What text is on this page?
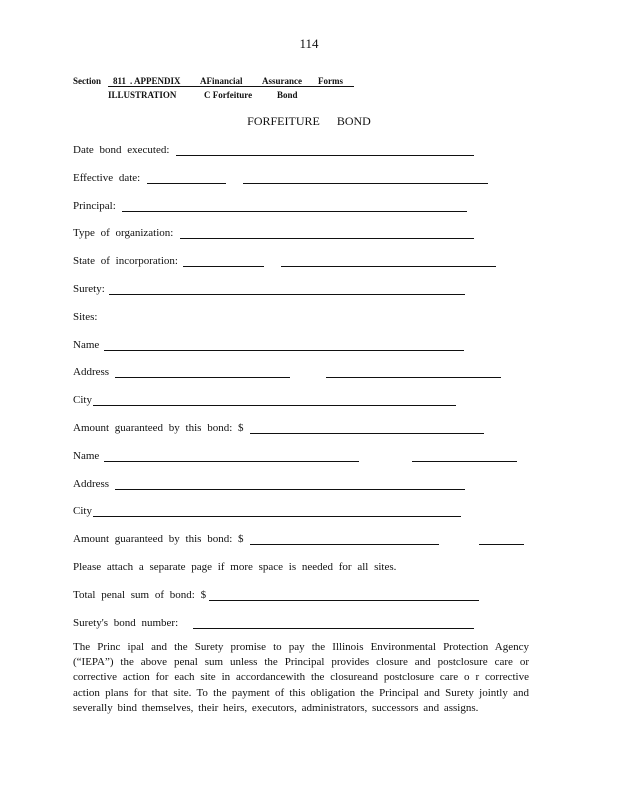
114
Section 811 . APPENDIX AFinancial Assurance Forms
ILLUSTRATION	C Forfeiture	Bond
FORFEITURE BOND
Date bond executed:
Effective date:
Principal:
Type of organization:
State of incorporation:
Surety:
Sites:
Name
Address
City
Amount guaranteed by this bond: $
Name
Address
City
Amount guaranteed by this bond: $
Please attach a separate page if more space is needed for all sites.
Total penal sum of bond: $
Surety's bond number:
The Princ ipal and the Surety promise to pay the Illinois Environmental Protection Agency (“IEPA”) the above penal sum unless the Principal provides closure and postclosure care or corrective action for each site in accordancewith the closureand postclosure care o r corrective action plans for that site. To the payment of this obligation the Principal and Surety jointly and severally bind themselves, their heirs, executors, administrators, successors and assigns.
